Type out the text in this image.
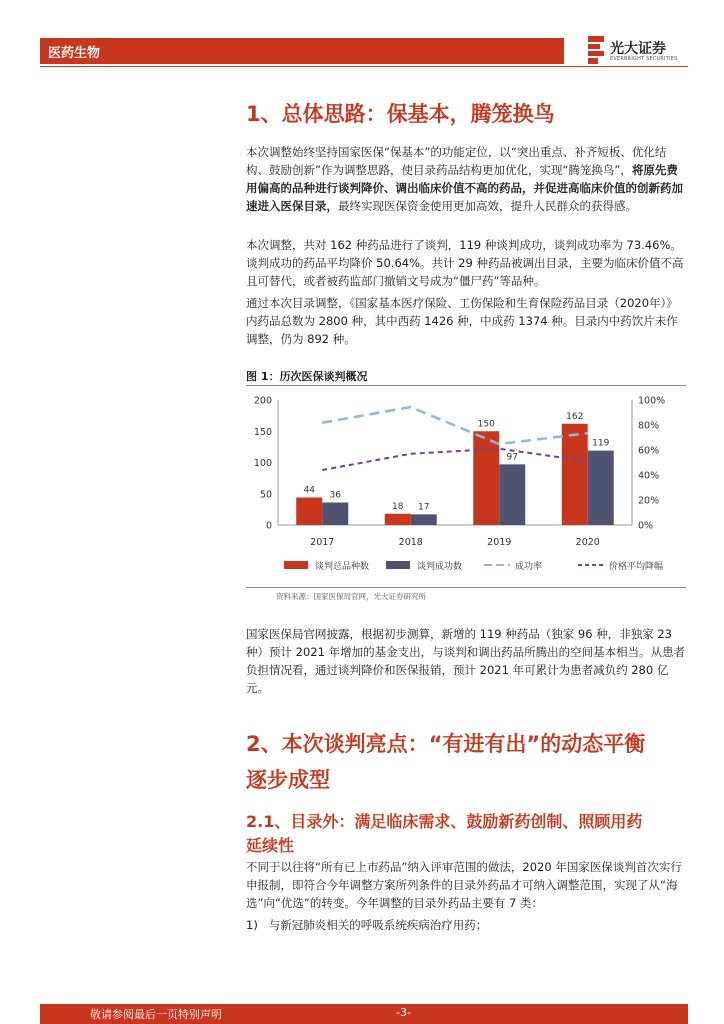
医药生物	光大证券
EVERBRIGHT SECURITIES
1、总体思路：保基本，腾笼换鸟

本次调整始终坚持国家医保“保基本”的功能定位，以“突出重点、补齐短板、优化结构、鼓励创新”作为调整思路，使目录药品结构更加优化，实现“腾笼换鸟”，将原先费用偏高的品种进行谈判降价、调出临床价值不高的药品，并促进高临床价值的创新药加速进入医保目录，最终实现医保资金使用更加高效，提升人民群众的获得感。

本次调整，共对 162 种药品进行了谈判，119 种谈判成功，谈判成功率为 73.46%。谈判成功的药品平均降价 50.64%。共计 29 种药品被调出目录，主要为临床价值不高且可替代，或者被药监部门撤销文号成为“僵尸药”等品种。

通过本次目录调整，《国家基本医疗保险、工伤保险和生育保险药品目录（2020年）》内药品总数为 2800 种，其中西药 1426 种，中成药 1374 种。目录内中药饮片未作调整，仍为 892 种。

图 1：历次医保谈判概况
0
50
100
150
200
0%
20%
40%
60%
80%
100%
2017
44 36
2018
18 17
2019
150
97
2020
162
119
谈判总品种数	谈判成功数	成功率	价格平均降幅
资料来源：国家医保局官网，光大证券研究所

国家医保局官网披露，根据初步测算，新增的 119 种药品（独家 96 种，非独家 23 种）预计 2021 年增加的基金支出，与谈判和调出药品所腾出的空间基本相当。从患者负担情况看，通过谈判降价和医保报销，预计 2021 年可累计为患者减负约 280 亿元。

2、本次谈判亮点：“有进有出”的动态平衡
逐步成型
2.1、目录外：满足临床需求、鼓励新药创制、照顾用药
延续性

不同于以往将“所有已上市药品”纳入评审范围的做法，2020 年国家医保谈判首次实行申报制，即符合今年调整方案所列条件的目录外药品才可纳入调整范围，实现了从“海选”向“优选”的转变。今年调整的目录外药品主要有 7 类：

1)   与新冠肺炎相关的呼吸系统疾病治疗用药；

敬请参阅最后一页特别声明	-3-
